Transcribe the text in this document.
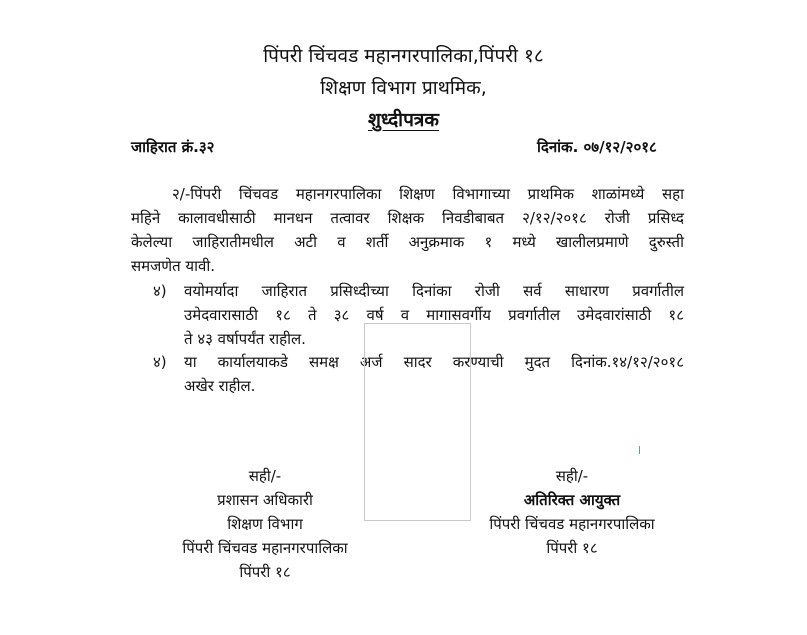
पिंपरी चिंचवड महानगरपालिका,पिंपरी १८
शिक्षण विभाग प्राथमिक,
शुध्दीपत्रक
जाहिरात क्रं.३२	दिनांक. ०७/१२/२०१८
२/-पिंपरी चिंचवड महानगरपालिका शिक्षण विभागाच्या प्राथमिक शाळांमध्ये सहा
महिने कालावधीसाठी मानधन तत्वावर शिक्षक निवडीबाबत २/१२/२०१८ रोजी प्रसिध्द
केलेल्या जाहिरातीमधील अटी व शर्ती अनुक्रमाक १ मध्ये खालीलप्रमाणे दुरुस्ती
समजणेत यावी.
४) वयोमर्यादा जाहिरात प्रसिध्दीच्या दिनांका रोजी सर्व साधारण प्रवर्गातील
उमेदवारासाठी १८ ते ३८ वर्ष व मागासवर्गीय प्रवर्गातील उमेदवारांसाठी १८
ते ४३ वर्षापर्यंत राहील.
४) या कार्यालयाकडे समक्ष अर्ज सादर करण्याची मुदत दिनांक.१४/१२/२०१८
अखेर राहील.
सही/-
प्रशासन अधिकारी
शिक्षण विभाग
पिंपरी चिंचवड महानगरपालिका
पिंपरी १८
सही/-
अतिरिक्त आयुक्त
पिंपरी चिंचवड महानगरपालिका
पिंपरी १८
